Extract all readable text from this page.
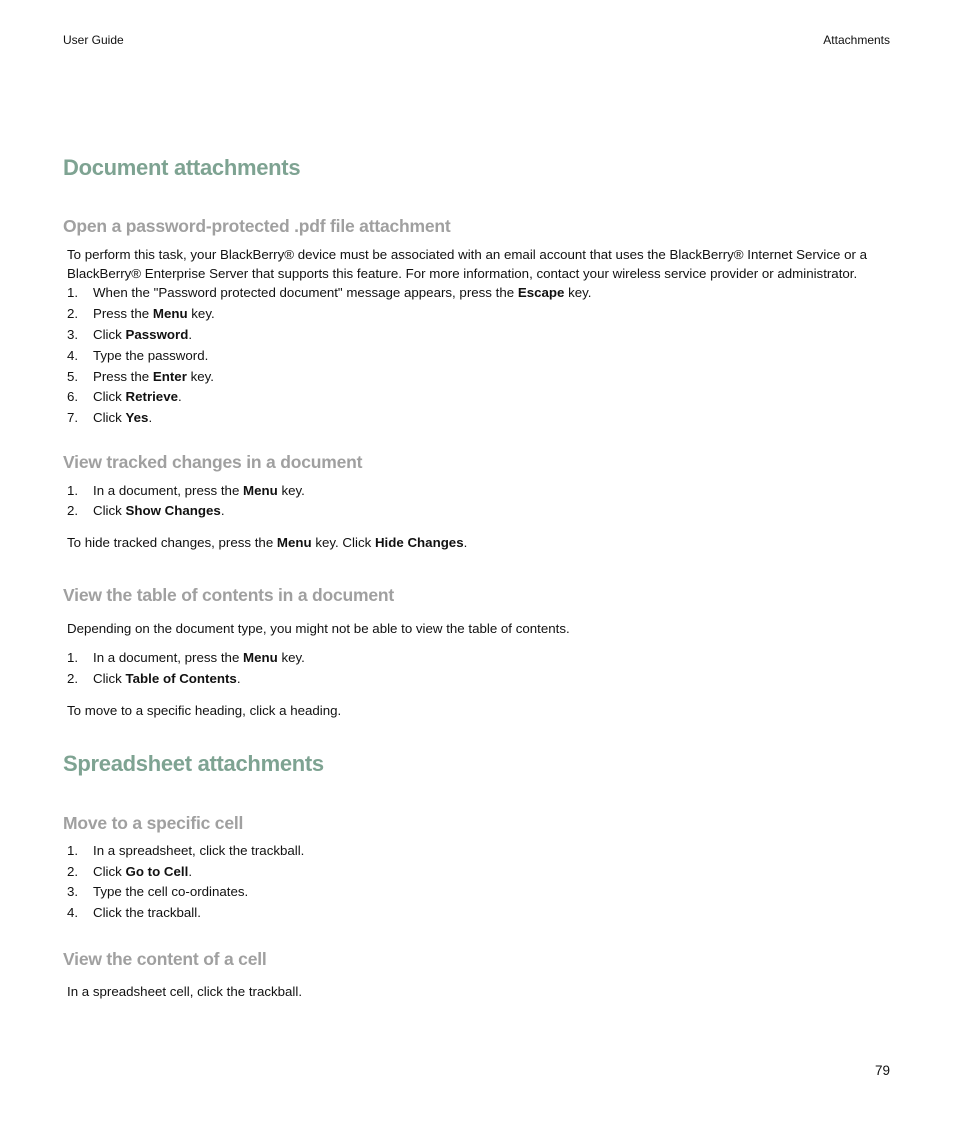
User Guide	Attachments
Document attachments
Open a password-protected .pdf file attachment
To perform this task, your BlackBerry® device must be associated with an email account that uses the BlackBerry® Internet Service or a
BlackBerry® Enterprise Server that supports this feature. For more information, contact your wireless service provider or administrator.
1. When the "Password protected document" message appears, press the Escape key.
2. Press the Menu key.
3. Click Password.
4. Type the password.
5. Press the Enter key.
6. Click Retrieve.
7. Click Yes.
View tracked changes in a document
1. In a document, press the Menu key.
2. Click Show Changes.
To hide tracked changes, press the Menu key. Click Hide Changes.
View the table of contents in a document
Depending on the document type, you might not be able to view the table of contents.
1. In a document, press the Menu key.
2. Click Table of Contents.
To move to a specific heading, click a heading.
Spreadsheet attachments
Move to a specific cell
1. In a spreadsheet, click the trackball.
2. Click Go to Cell.
3. Type the cell co-ordinates.
4. Click the trackball.
View the content of a cell
In a spreadsheet cell, click the trackball.
79
